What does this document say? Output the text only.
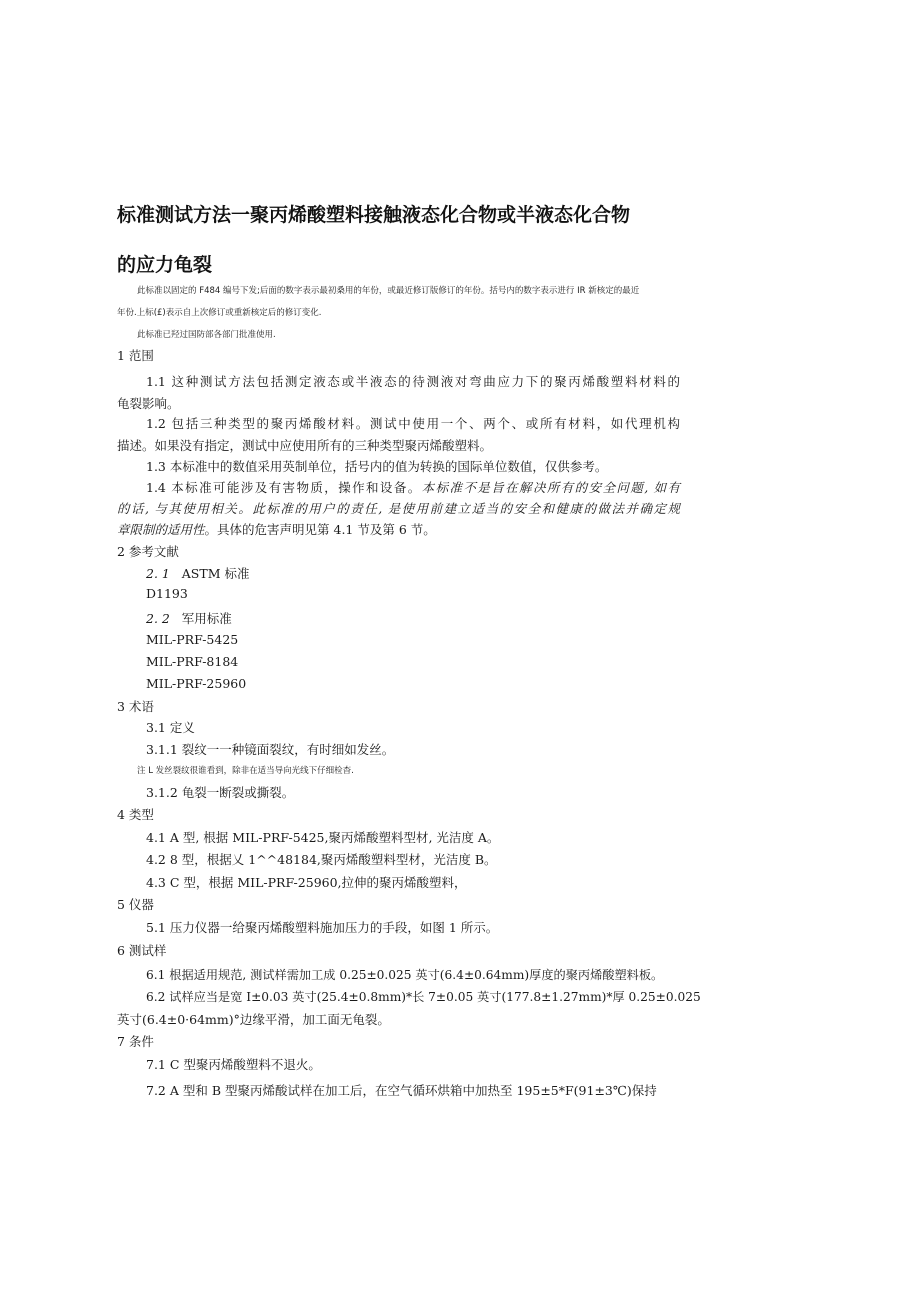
标准测试方法一聚丙烯酸塑料接触液态化合物或半液态化合物
的应力龟裂
此标准以固定的 F484 编号下发;后面的数字表示最初桑用的年份，或最近修订版修订的年份。括号内的数字表示进行 IR 新核定的最近
年份.上标(£)表示自上次修订或重新核定后的修订变化.
此标准已羟过国防部各部门批准使用.
1 范围
1.1 这种测试方法包括测定液态或半液态的待测液对弯曲应力下的聚丙烯酸塑料材料的
龟裂影响。
1.2 包括三种类型的聚丙烯酸材料。测试中使用一个、两个、或所有材料，如代理机构
描述。如果没有指定，测试中应使用所有的三种类型聚丙烯酸塑料。
1.3 本标准中的数值采用英制单位，括号内的值为转换的国际单位数值，仅供参考。
1.4 本标准可能涉及有害物质，操作和设备。本标准不是旨在解决所有的安全问题, 如有
的话, 与其使用相关。此标准的用户的责任, 是使用前建立适当的安全和健康的做法并确定规
章限制的适用性。具体的危害声明见第 4.1 节及第 6 节。
2 参考文献
2. 1 ASTM 标准
D1193
2. 2 军用标准
MIL-PRF-5425
MIL-PRF-8184
MIL-PRF-25960
3 术语
3.1 定义
3.1.1 裂纹一一种镜面裂纹，有时细如发丝。
注 L 发丝裂纹很谁看到，除非在适当导向光线下仔细检杳.
3.1.2 龟裂一断裂或撕裂。
4 类型
4.1 A 型, 根据 MIL-PRF-5425,聚丙烯酸塑料型材, 光洁度 A。
4.2 8 型，根据乂 1^^48184,聚丙烯酸塑料型材，光洁度 B。
4.3 C 型，根据 MIL-PRF-25960,拉伸的聚丙烯酸塑料，
5 仪器
5.1 压力仪器一给聚丙烯酸塑料施加压力的手段，如图 1 所示。
6 测试样
6.1 根据适用规范, 测试样需加工成 0.25±0.025 英寸(6.4±0.64mm)厚度的聚丙烯酸塑料板。
6.2 试样应当是宽 I±0.03 英寸(25.4±0.8mm)*长 7±0.05 英寸(177.8±1.27mm)*厚 0.25±0.025
英寸(6.4±0·64mm)°边缘平滑，加工面无龟裂。
7 条件
7.1 C 型聚丙烯酸塑料不退火。
7.2 A 型和 B 型聚丙烯酸试样在加工后，在空气循环烘箱中加热至 195±5*F(91±3℃)保持
